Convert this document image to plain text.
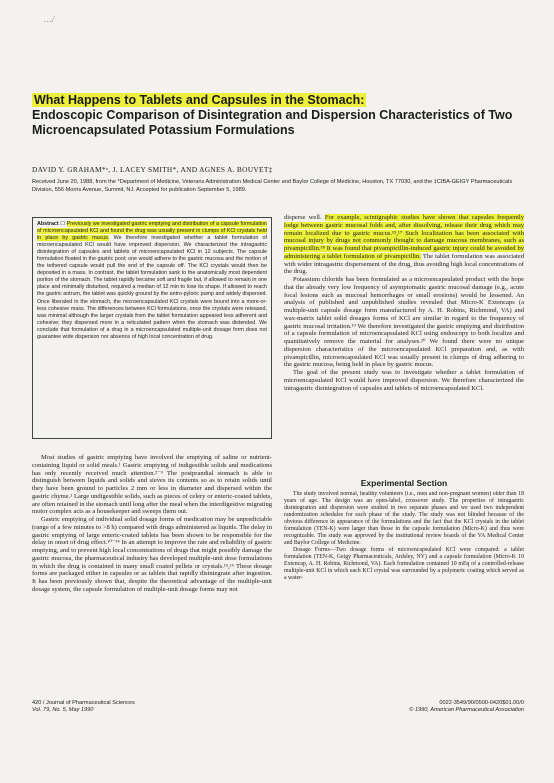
…/

What Happens to Tablets and Capsules in the Stomach:

Endoscopic Comparison of Disintegration and Dispersion Characteristics of Two Microencapsulated Potassium Formulations

DAVID Y. GRAHAM*ˣ, J. LACEY SMITH*, AND AGNES A. BOUVET‡
Received June 20, 1988, from the *Department of Medicine, Veterans Administration Medical Center and Baylor College of Medicine, Houston, TX 77030, and the ‡CIBA-GEIGY Pharmaceuticals Division, 556 Morris Avenue, Summit, NJ. Accepted for publication September 5, 1989.
Abstract ☐ Previously we investigated gastric emptying and distribution of a capsule formulation of microencapsulated KCl and found the drug was usually present in clumps of KCl crystals held in place by gastric mucus. We therefore investigated whether a tablet formulation of microencapsulated KCl would have improved dispersion. We characterized the intragastric disintegration of capsules and tablets of microencapsulated KCl in 12 subjects. The capsule formulation floated in the gastric pool; one would adhere to the gastric mucosa and the motion of the tethered capsule would pull the end of the capsule off. The KCl crystals would then be deposited in a mass. In contrast, the tablet formulation sank to the anatomically most dependent portion of the stomach. The tablet rapidly became soft and fragile but, if allowed to remain in one place and minimally disturbed, required a median of 12 min to lose its shape. If allowed to reach the gastric antrum, the tablet was quickly ground by the antro-pyloric pump and widely dispersed. Once liberated in the stomach, the microencapsulated KCl crystals were bound into a more-or-less cohesive mass. The differences between KCl formulations, once the crystals were released, was minimal although the larger crystals from the tablet formulation appeared less adherent and cohesive; they dispersed more in a reticulated pattern when the stomach was distended. We conclude that formulation of a drug in a microencapsulated multiple-unit dosage form does not guarantee wide dispersion nor absence of high local concentration of drug.

Most studies of gastric emptying have involved the emptying of saline or nutrient-containing liquid or solid meals.¹ Gastric emptying of indigestible solids and medications has only recently received much attention.²⁻⁹ The postprandial stomach is able to distinguish between liquids and solids and sieves its contents so as to retain solids until they have been ground to particles 2 mm or less in diameter and dispersed within the gastric chyme.¹ Large undigestible solids, such as pieces of celery or enteric-coated tablets, are often retained in the stomach until long after the meal when the interdigestive migrating motor complex acts as a housekeeper and sweeps them out.

Gastric emptying of individual solid dosage forms of medication may be unpredictable (range of a few minutes to >8 h) compared with drugs administered as liquids. The delay in gastric emptying of large enteric-coated tablets has been shown to be responsible for the delay in onset of drug effect.¹⁰⁻¹⁴ In an attempt to improve the rate and reliability of gastric emptying, and to prevent high local concentrations of drugs that might possibly damage the gastric mucosa, the pharmaceutical industry has developed multiple-unit dose formulations in which the drug is contained in many small coated pellets or crystals.¹⁵,¹⁶ These dosage forms are packaged either in capsules or as tablets that rapidly disintegrate after ingestion. It has been previously shown that, despite the theoretical advantage of the multiple-unit dosage system, the capsule formulation of multiple-unit dosage forms may not

disperse well. For example, scintigraphic studies have shown that capsules frequently lodge between gastric mucosal folds and, after dissolving, release their drug which may remain localized due to gastric mucus.¹⁵,¹⁷ Such localization has been associated with mucosal injury by drugs not commonly thought to damage mucous membranes, such as pivampicillin.¹⁸ It was found that pivampicillin-induced gastric injury could be avoided by administering a tablet formulation of pivampicillin. The tablet formulation was associated with wider intragastric dispersement of the drug, thus avoiding high local concentrations of the drug.

Potassium chloride has been formulated as a microencapsulated product with the hope that the already very low frequency of asymptomatic gastric mucosal damage (e.g., acute focal lesions such as mucosal hemorrhages or small erosions) would be lessened. An analysis of published and unpublished studies revealed that Micro-K Extencaps (a multiple-unit capsule dosage form manufactured by A. H. Robins, Richmond, VA) and wax-matrix tablet solid dosages forms of KCl are similar in regard to the frequency of gastric mucosal irritation.¹⁹ We therefore investigated the gastric emptying and distribution of a capsule formulation of microencapsulated KCl using endoscopy to both localize and quantitatively remove the material for analyses.²⁰ We found there were no unique dispersion characteristics of the microencapsulated KCl preparation and, as with pivampicillin, microencapsulated KCl was usually present in clumps of drug adhering to the gastric mucosa, being held in place by gastric mucus.

The goal of the present study was to investigate whether a tablet formulation of microencapsulated KCl would have improved dispersion. We therefore characterized the intragastric disintegration of capsules and tablets of microencapsulated KCl.

Experimental Section

The study involved normal, healthy volunteers (i.e., men and non-pregnant women) older than 18 years of age. The design was an open-label, crossover study. The properties of intragastric disintegration and dispersion were studied in two separate phases and we used two independent randomization schedules for each phase of the study. The study was not blinded because of the obvious difference in appearance of the formulations and the fact that the KCl crystals in the tablet formulation (TEN-K) were larger than those in the capsule formulation (Micro-K) and thus were recognizable. The study was approved by the institutional review boards of the VA Medical Center and Baylor College of Medicine.

Dosage Forms—Two dosage forms of microencapsulated KCl were compared: a tablet formulation (TEN-K, Geigy Pharmaceuticals, Ardsley, NY) and a capsule formulation (Micro-K 10 Extencap, A. H. Robins, Richmond, VA). Each formulation contained 10 mEq of a controlled-release multiple-unit KCl in which each KCl crystal was surrounded by a polymeric coating which served as a water-

420 / Journal of Pharmaceutical Sciences
Vol. 79, No. 5, May 1990
0022-3549/90/0500-0420$01.00/0
© 1990, American Pharmaceutical Association
